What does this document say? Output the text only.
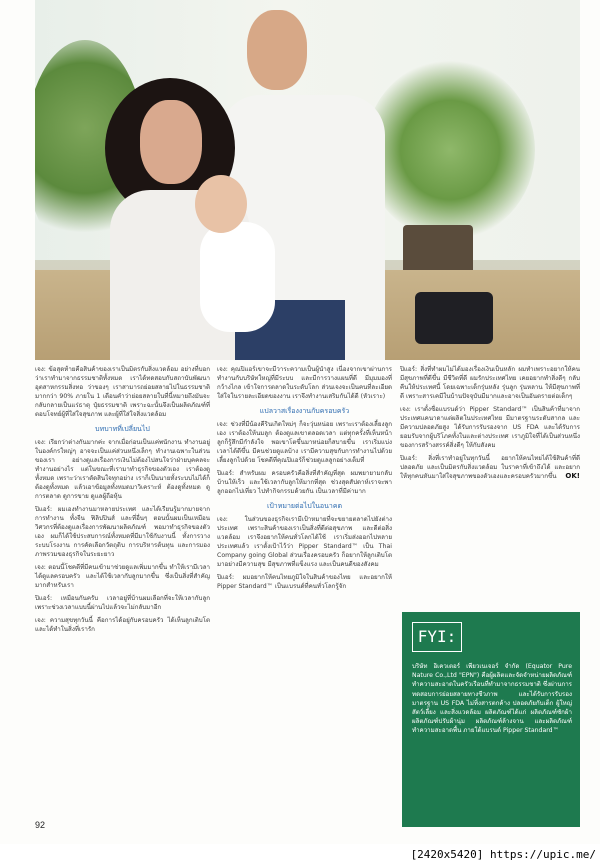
เจง: ข้อสุดท้ายคือสินค้าของเราเป็นมิตรกับสิ่งแวดล้อม อย่างที่บอกว่าเราทำมาจากธรรมชาติทั้งหมด เราได้ทดสอบกับสถาบันพัฒนาอุตสาหกรรมสิ่งทอ ว่าของๆ เราสามารถย่อยสลายไปในธรรมชาติมากกว่า 90% ภายใน 1 เดือนคำว่าย่อยสลายในที่นี้หมายถึงมันจะกลับกลายเป็นแร่ธาตุ ปุ๋ยธรรมชาติ เพราะฉะนั้นจึงเป็นผลิตภัณฑ์ที่ตอบโจทย์ผู้ที่ใส่ใจสุขภาพ และผู้ที่ใส่ใจสิ่งแวดล้อม

บทบาทที่เปลี่ยนไป

เจง: เรียกว่าต่างกันมากค่ะ จากเมื่อก่อนเป็นแค่พนักงาน ทำงานอยู่ในองค์กรใหญ่ๆ อาจจะเป็นแค่ส่วนหนึ่งเล็กๆ ทำงานเฉพาะในส่วนของเรา อย่างดูแลเรื่องการเงินไม่ต้องไปสนใจว่าฝ่ายบุคคลจะทำงานอย่างไร แต่ในขณะที่เรามาทำธุรกิจของตัวเอง เราต้องดูทั้งหมด เพราะว่าเราตัดสินใจทุกอย่าง เราก็เป็นนายทั้งระบบไม่ได้ก็ต้องดูทั้งหมด แล้วเอาข้อมูลทั้งหมดมาวิเคราะห์ ต้องดูทั้งหมด ดูการตลาด ดูการขาย ดูแลผู้ถือหุ้น

ปิแอร์: ผมเองทำงานมาหลายประเทศ และได้เรียนรู้มากมายจากการทำงาน ทั้งจีน ฟิลิปปินส์ และที่อื่นๆ ตอนนั้นผมเป็นเหมือนวิศวกรที่ต้องดูแลเรื่องการพัฒนาผลิตภัณฑ์ พอมาทำธุรกิจของตัวเอง ผมก็ได้ใช้ประสบการณ์ทั้งหมดที่มีมาใช้กับงานนี้ ทั้งการวางระบบโรงงาน การคัดเลือกวัตถุดิบ การบริหารต้นทุน และการมองภาพรวมของธุรกิจในระยะยาว

เจง: ตอนนี้โชคดีที่มีคนเข้ามาช่วยดูแลเพิ่มมากขึ้น ทำให้เรามีเวลาได้ดูแลครอบครัว และได้ใช้เวลากับลูกมากขึ้น ซึ่งเป็นสิ่งที่สำคัญมากสำหรับเรา

ปิแอร์: เหมือนกันครับ เวลาอยู่ที่บ้านผมเลือกที่จะให้เวลากับลูก เพราะช่วงเวลาแบบนี้ผ่านไปแล้วจะไม่กลับมาอีก

เจง: ความสุขทุกวันนี้ คือการได้อยู่กับครอบครัว ได้เห็นลูกเติบโต และได้ทำในสิ่งที่เรารัก

เจง: คุณปิแอร์เขาจะมีวาระความเป็นผู้นำสูง เนื่องจากเขาผ่านการทำงานกับบริษัทใหญ่ที่มีระบบ และมีการวางแผนที่ดี มีมุมมองที่กว้างไกล เข้าใจการตลาดในระดับโลก ส่วนเจงจะเป็นคนที่ละเอียด ใส่ใจในรายละเอียดของงาน เราจึงทำงานเสริมกันได้ดี (หัวเราะ)

แปลวาสเรื่องงานกับครอบครัว

เจง: ช่วงที่มีน้องคีรินเกิดใหม่ๆ ก็จะวุ่นหน่อย เพราะเราต้องเลี้ยงลูกเอง เราต้องให้นมลูก ต้องดูแลเขาตลอดเวลา แต่ทุกครั้งที่เห็นหน้าลูกก็รู้สึกมีกำลังใจ พอเขาโตขึ้นมาหน่อยก็สบายขึ้น เราเริ่มแบ่งเวลาได้ดีขึ้น มีคนช่วยดูแลบ้าง เรามีความสุขกับการทำงานไปด้วย เลี้ยงลูกไปด้วย โชคดีที่คุณปิแอร์ก็ช่วยดูแลลูกอย่างเต็มที่

ปิแอร์: สำหรับผม ครอบครัวคือสิ่งที่สำคัญที่สุด ผมพยายามกลับบ้านให้เร็ว และใช้เวลากับลูกให้มากที่สุด ช่วงสุดสัปดาห์เราจะพาลูกออกไปเที่ยว ไปทำกิจกรรมด้วยกัน เป็นเวลาที่มีค่ามาก

เป้าหมายต่อไปในอนาคต

เจง: ในส่วนของธุรกิจเรามีเป้าหมายที่จะขยายตลาดไปยังต่างประเทศ เพราะสินค้าของเราเป็นสิ่งที่ดีต่อสุขภาพ และดีต่อสิ่งแวดล้อม เราจึงอยากให้คนทั่วโลกได้ใช้ เราเริ่มส่งออกไปหลายประเทศแล้ว เราตั้งเป้าไว้ว่า Pipper Standard™ เป็น Thai Company going Global ส่วนเรื่องครอบครัว ก็อยากให้ลูกเติบโตมาอย่างมีความสุข มีสุขภาพที่แข็งแรง และเป็นคนดีของสังคม

ปิแอร์: ผมอยากให้คนไทยภูมิใจในสินค้าของไทย และอยากให้ Pipper Standard™ เป็นแบรนด์ที่คนทั่วโลกรู้จัก

ปิแอร์: สิ่งที่ทำผมไม่ได้มองเรื่องเงินเป็นหลัก ผมทำเพราะอยากให้คนมีสุขภาพที่ดีขึ้น มีชีวิตที่ดี ผมรักประเทศไทย เคยอยากทำสิ่งดีๆ กลับคืนให้ประเทศนี้ โดยเฉพาะเด็กรุ่นหลัง รุ่นลูก รุ่นหลาน ให้มีสุขภาพที่ดี เพราะสารเคมีในบ้านปัจจุบันมีมากและอาจเป็นอันตรายต่อเด็กๆ

เจง: เราตั้งชื่อแบรนด์ว่า Pipper Standard™ เป็นสินค้าที่มาจากประเทศแคนาดาแต่ผลิตในประเทศไทย มีมาตรฐานระดับสากล และมีความปลอดภัยสูง ได้รับการรับรองจาก US FDA และได้รับการยอมรับจากผู้บริโภคทั้งในและต่างประเทศ เราภูมิใจที่ได้เป็นส่วนหนึ่งของการสร้างสรรค์สิ่งดีๆ ให้กับสังคม

ปิแอร์: สิ่งที่เราทำอยู่ในทุกวันนี้ อยากให้คนไทยได้ใช้สินค้าที่ดี ปลอดภัย และเป็นมิตรกับสิ่งแวดล้อม ในราคาที่เข้าถึงได้ และอยากให้ทุกคนหันมาใส่ใจสุขภาพของตัวเองและครอบครัวมากขึ้น OK!

FYI:
บริษัท อิเควเตอร์ เพียวเนเจอร์ จำกัด (Equator Pure Nature Co.,Ltd "EPN") คือผู้ผลิตและจัดจำหน่ายผลิตภัณฑ์ทำความสะอาดในครัวเรือนที่ทำมาจากธรรมชาติ ซึ่งผ่านการทดสอบการย่อยสลายทางชีวภาพ และได้รับการรับรองมาตรฐาน US FDA ไม่ทิ้งสารตกค้าง ปลอดภัยกับเด็ก ผู้ใหญ่ สัตว์เลี้ยง และสิ่งแวดล้อม ผลิตภัณฑ์ได้แก่ ผลิตภัณฑ์ซักผ้า ผลิตภัณฑ์ปรับผ้านุ่ม ผลิตภัณฑ์ล้างจาน และผลิตภัณฑ์ทำความสะอาดพื้น ภายใต้แบรนด์ Pipper Standard™
92
[2420x5420] https://upic.me/
